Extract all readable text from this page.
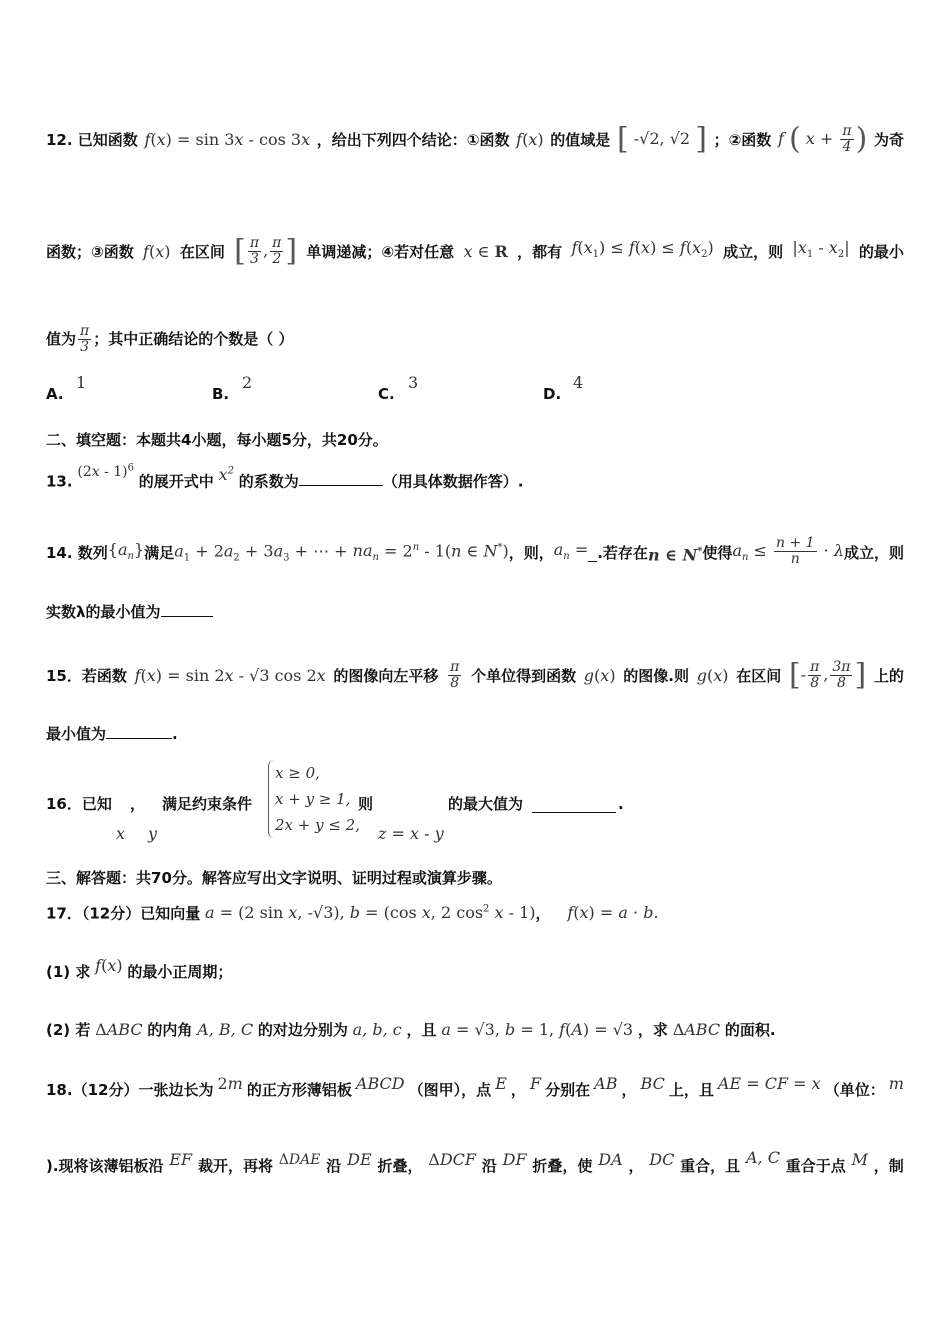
12. 已知函数 f(x) = sin 3x - cos 3x ，给出下列四个结论：①函数 f(x) 的值域是 [ -√2, √2 ] ；②函数 f ( $x + \frac{\pi}{4}$ ) 为奇
函数；③函数 f(x) 在区间 [ $\frac{\pi}{3}$ , $\frac{\pi}{2}$ ] 单调递减；④若对任意 x ∈ R ，都有 $f(x_1) \le f(x) \le f(x_2)$ 成立，则 $|x_1 - x_2|$ 的最小
值为 $\frac{\pi}{3}$ ；其中正确结论的个数是（ ）
A.
1
B.
2
C.
3
D.
4
二、填空题：本题共4小题，每小题5分，共20分。
13. (2x - 1)$^6$ 的展开式中 $x^2$ 的系数为	（用具体数据作答）.
14. 数列 $\{a_n\}$ 满足 $a_1 + 2a_2 + 3a_3$ + ⋯ + $na_n = 2^n - 1(n$ ∈ N*) ，则， $a_n$ = .若存在 n ∈ N* 使得 $a_n \le \frac{n + 1}{n} \cdot \lambda$ 成立，则
实数λ的最小值为
15．若函数 f(x) = sin 2x - √3 cos 2x 的图像向左平移 $\frac{\pi}{8}$ 个单位得到函数 g(x) 的图像.则 g(x) 在区间 [- $\frac{\pi}{8}$ , $\frac{3\pi}{8}$ ] 上的
最小值为	.
16．已知
x
，
y
满足约束条件
x ≥ 0,
x + y ≥ 1,
2x + y ≤ 2,
则
z = x - y
的最大值为	.
三、解答题：共70分。解答应写出文字说明、证明过程或演算步骤。
17．（12分）已知向量 a = (2 sin x, -√3), b = (cos x, 2 $\cos^2 x - 1$)， f(x) = a · b.
(1) 求 f(x) 的最小正周期；
(2) 若 ΔABC 的内角 A, B, C 的对边分别为 a, b, c ，且 a = √3, b = 1, f(A) = √3 ，求 ΔABC 的面积.
18.（12分）一张边长为 2m 的正方形薄铝板 ABCD （图甲），点 E ， F 分别在 AB ， BC 上，且 AE = CF = x （单位： m
).现将该薄铝板沿 EF 裁开，再将 ΔDAE 沿 DE 折叠， ΔDCF 沿 DF 折叠，使 DA ， DC 重合，且 A, C 重合于点 M ，制
